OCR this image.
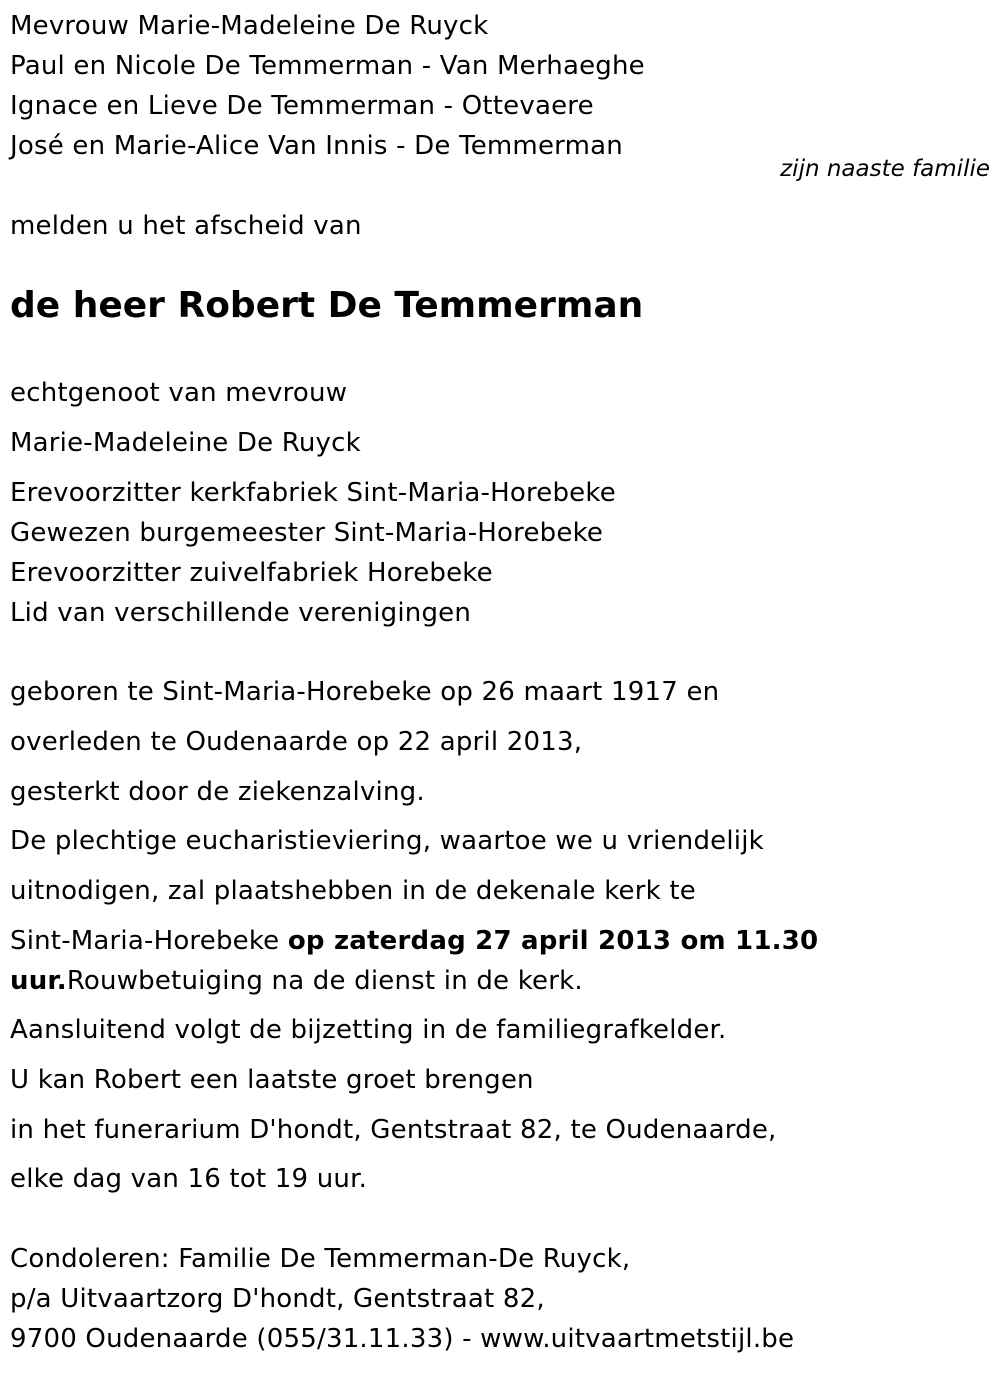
Mevrouw Marie-Madeleine De Ruyck
Paul en Nicole De Temmerman - Van Merhaeghe
Ignace en Lieve De Temmerman - Ottevaere
José en Marie-Alice Van Innis - De Temmerman
zijn naaste familie
melden u het afscheid van
de heer Robert De Temmerman
echtgenoot van mevrouw
Marie-Madeleine De Ruyck
Erevoorzitter kerkfabriek Sint-Maria-Horebeke
Gewezen burgemeester Sint-Maria-Horebeke
Erevoorzitter zuivelfabriek Horebeke
Lid van verschillende verenigingen
geboren te Sint-Maria-Horebeke op 26 maart 1917 en
overleden te Oudenaarde op 22 april 2013,
gesterkt door de ziekenzalving.
De plechtige eucharistieviering, waartoe we u vriendelijk
uitnodigen, zal plaatshebben in de dekenale kerk te
Sint-Maria-Horebeke op zaterdag 27 april 2013 om 11.30
uur.Rouwbetuiging na de dienst in de kerk.
Aansluitend volgt de bijzetting in de familiegrafkelder.
U kan Robert een laatste groet brengen
in het funerarium D'hondt, Gentstraat 82, te Oudenaarde,
elke dag van 16 tot 19 uur.
Condoleren: Familie De Temmerman-De Ruyck,
p/a Uitvaartzorg D'hondt, Gentstraat 82,
9700 Oudenaarde (055/31.11.33) - www.uitvaartmetstijl.be
